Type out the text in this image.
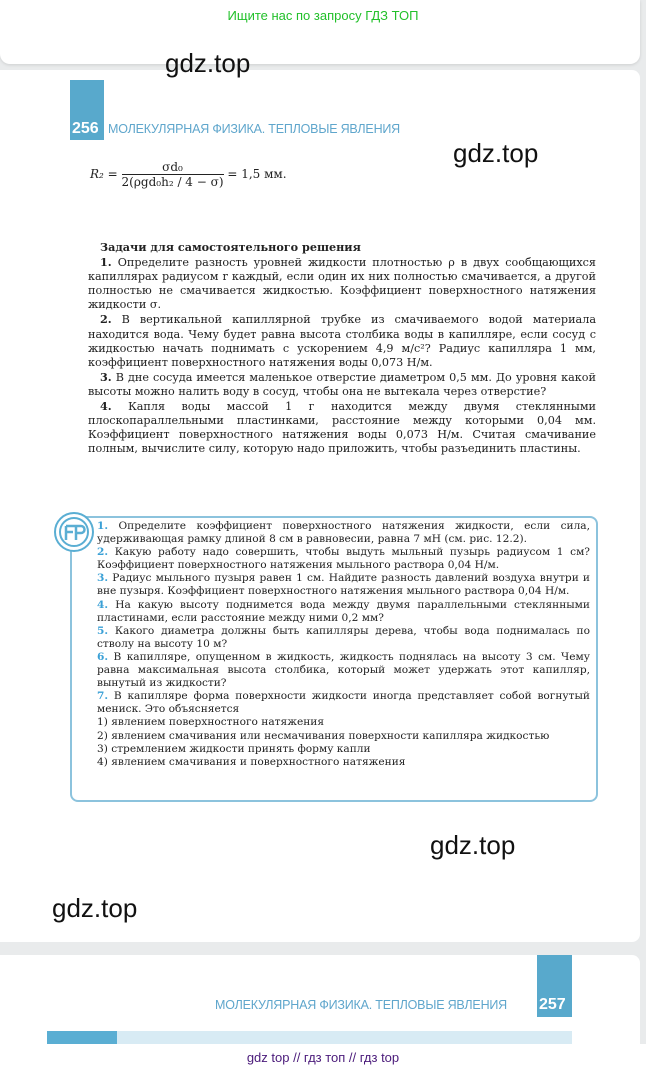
Ищите нас по запросу ГДЗ ТОП
256 МОЛЕКУЛЯРНАЯ ФИЗИКА. ТЕПЛОВЫЕ ЯВЛЕНИЯ
gdz.top
gdz.top
gdz.top
gdz.top
$R_2 = \frac{\text{σd₀}}{\text{2(ρgd₀h₂ / 4 − σ)}} = 1,5$ мм.

Задачи для самостоятельного решения

1. Определите разность уровней жидкости плотностью ρ в двух сообщающихся капиллярах радиусом r каждый, если один их них полностью смачивается, а другой полностью не смачивается жидкостью. Коэффициент поверхностного натяжения жидкости σ.

2. В вертикальной капиллярной трубке из смачиваемого водой материала находится вода. Чему будет равна высота столбика воды в капилляре, если сосуд с жидкостью начать поднимать с ускорением 4,9 м/с²? Радиус капилляра 1 мм, коэффициент поверхностного натяжения воды 0,073 Н/м.

3. В дне сосуда имеется маленькое отверстие диаметром 0,5 мм. До уровня какой высоты можно налить воду в сосуд, чтобы она не вытекала через отверстие?

4. Капля воды массой 1 г находится между двумя стеклянными плоскопараллельными пластинками, расстояние между которыми 0,04 мм. Коэффициент поверхностного натяжения воды 0,073 Н/м. Считая смачивание полным, вычислите силу, которую надо приложить, чтобы разъединить пластины.

1. Определите коэффициент поверхностного натяжения жидкости, если сила, удерживающая рамку длиной 8 см в равновесии, равна 7 мН (см. рис. 12.2).

2. Какую работу надо совершить, чтобы выдуть мыльный пузырь радиусом 1 см? Коэффициент поверхностного натяжения мыльного раствора 0,04 Н/м.

3. Радиус мыльного пузыря равен 1 см. Найдите разность давлений воздуха внутри и вне пузыря. Коэффициент поверхностного натяжения мыльного раствора 0,04 Н/м.

4. На какую высоту поднимется вода между двумя параллельными стеклянными пластинами, если расстояние между ними 0,2 мм?

5. Какого диаметра должны быть капилляры дерева, чтобы вода поднималась по стволу на высоту 10 м?

6. В капилляре, опущенном в жидкость, жидкость поднялась на высоту 3 см. Чему равна максимальная высота столбика, который может удержать этот капилляр, вынутый из жидкости?

7. В капилляре форма поверхности жидкости иногда представляет собой вогнутый мениск. Это объясняется

1) явлением поверхностного натяжения

2) явлением смачивания или несмачивания поверхности капилляра жидкостью

3) стремлением жидкости принять форму капли

4) явлением смачивания и поверхностного натяжения

257
МОЛЕКУЛЯРНАЯ ФИЗИКА. ТЕПЛОВЫЕ ЯВЛЕНИЯ
gdz top // гдз топ // гдз top
